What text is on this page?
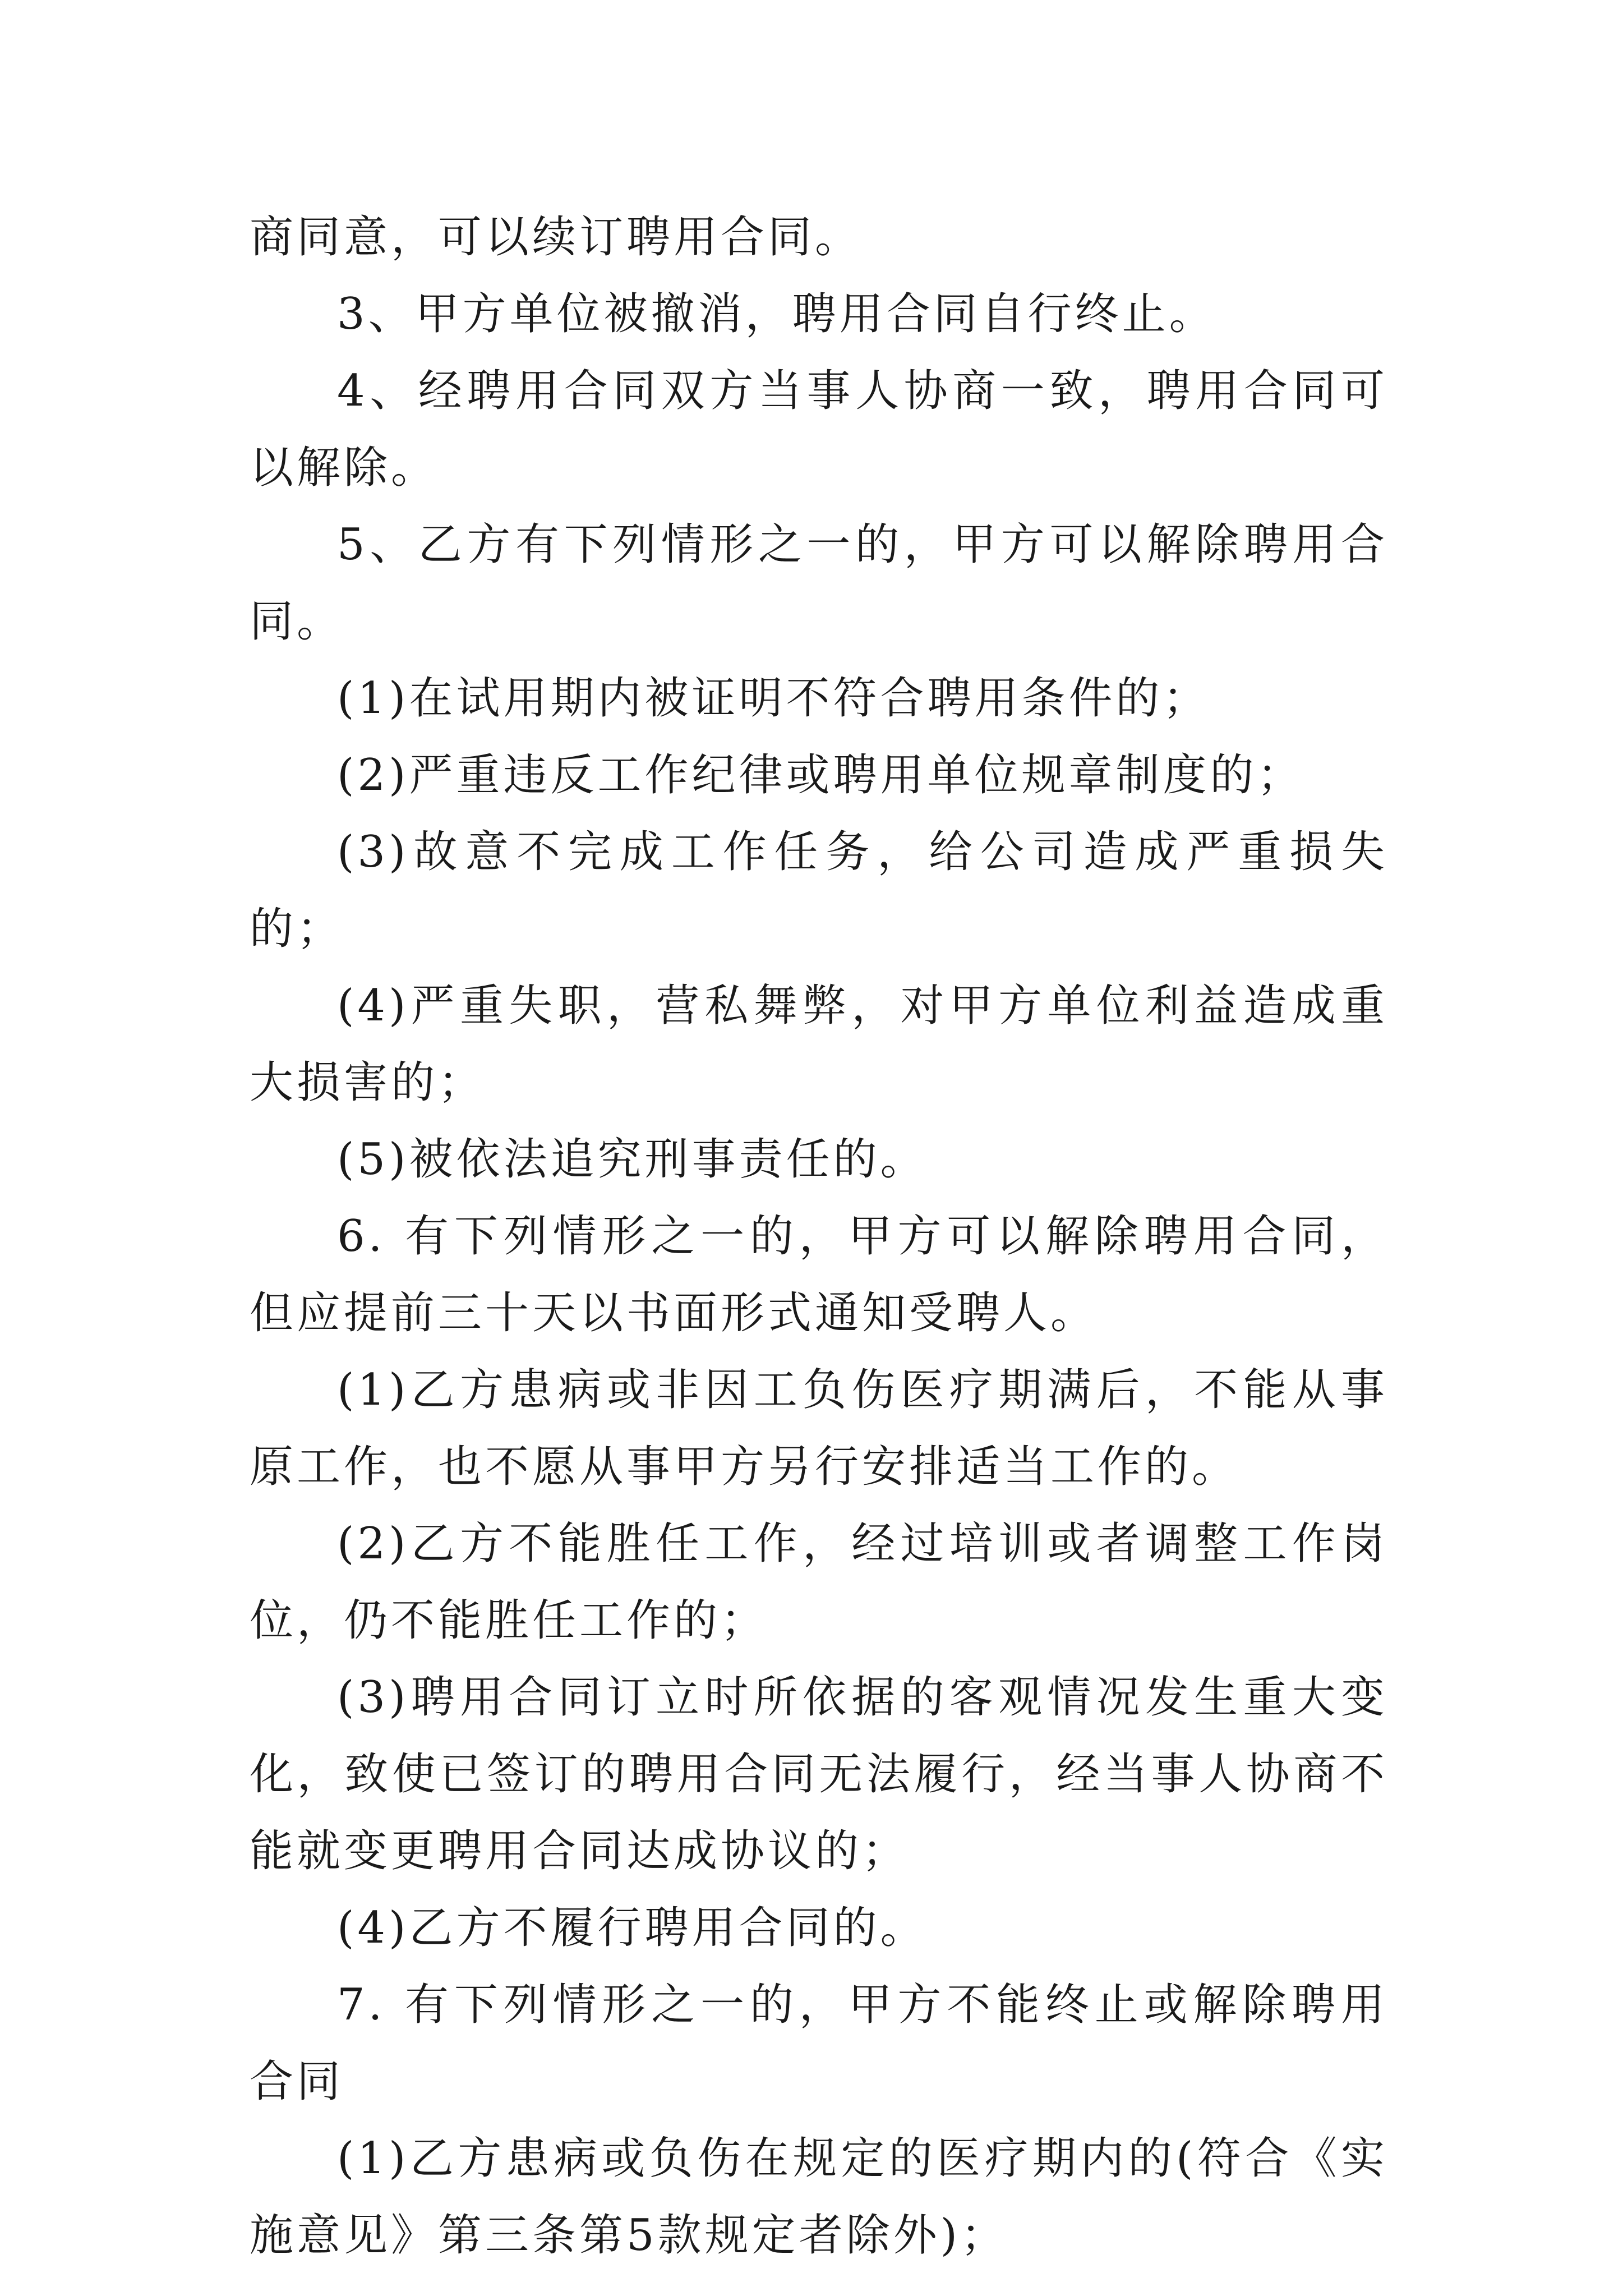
商同意，可以续订聘用合同。

3、甲方单位被撤消，聘用合同自行终止。

4、经聘用合同双方当事人协商一致，聘用合同可以解除。

5、乙方有下列情形之一的，甲方可以解除聘用合同。

(1)在试用期内被证明不符合聘用条件的；

(2)严重违反工作纪律或聘用单位规章制度的；

(3)故意不完成工作任务，给公司造成严重损失的；

(4)严重失职，营私舞弊，对甲方单位利益造成重大损害的；

(5)被依法追究刑事责任的。

6. 有下列情形之一的，甲方可以解除聘用合同，但应提前三十天以书面形式通知受聘人。

(1)乙方患病或非因工负伤医疗期满后，不能从事原工作，也不愿从事甲方另行安排适当工作的。

(2)乙方不能胜任工作，经过培训或者调整工作岗位，仍不能胜任工作的；

(3)聘用合同订立时所依据的客观情况发生重大变化，致使已签订的聘用合同无法履行，经当事人协商不能就变更聘用合同达成协议的；

(4)乙方不履行聘用合同的。

7. 有下列情形之一的，甲方不能终止或解除聘用合同

(1)乙方患病或负伤在规定的医疗期内的(符合《实施意见》第三条第5款规定者除外)；
